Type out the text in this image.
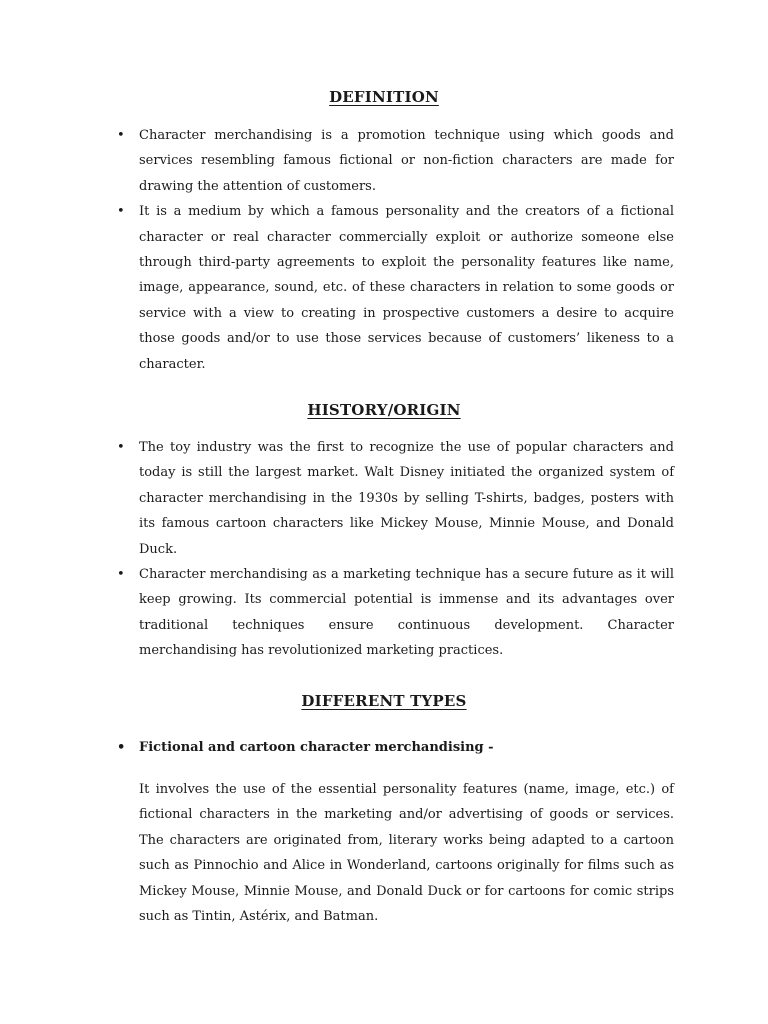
DEFINITION
• Character merchandising is a promotion technique using which goods and services resembling famous fictional or non-fiction characters are made for drawing the attention of customers.
• It is a medium by which a famous personality and the creators of a fictional character or real character commercially exploit or authorize someone else through third-party agreements to exploit the personality features like name, image, appearance, sound, etc. of these characters in relation to some goods or service with a view to creating in prospective customers a desire to acquire those goods and/or to use those services because of customers’ likeness to a character.
HISTORY/ORIGIN
• The toy industry was the first to recognize the use of popular characters and today is still the largest market. Walt Disney initiated the organized system of character merchandising in the 1930s by selling T-shirts, badges, posters with its famous cartoon characters like Mickey Mouse, Minnie Mouse, and Donald Duck.
• Character merchandising as a marketing technique has a secure future as it will keep growing. Its commercial potential is immense and its advantages over traditional techniques ensure continuous development. Character merchandising has revolutionized marketing practices.
DIFFERENT TYPES
• Fictional and cartoon character merchandising -

It involves the use of the essential personality features (name, image, etc.) of fictional characters in the marketing and/or advertising of goods or services. The characters are originated from, literary works being adapted to a cartoon such as Pinnochio and Alice in Wonderland, cartoons originally for films such as Mickey Mouse, Minnie Mouse, and Donald Duck or for cartoons for comic strips such as Tintin, Astérix, and Batman.
